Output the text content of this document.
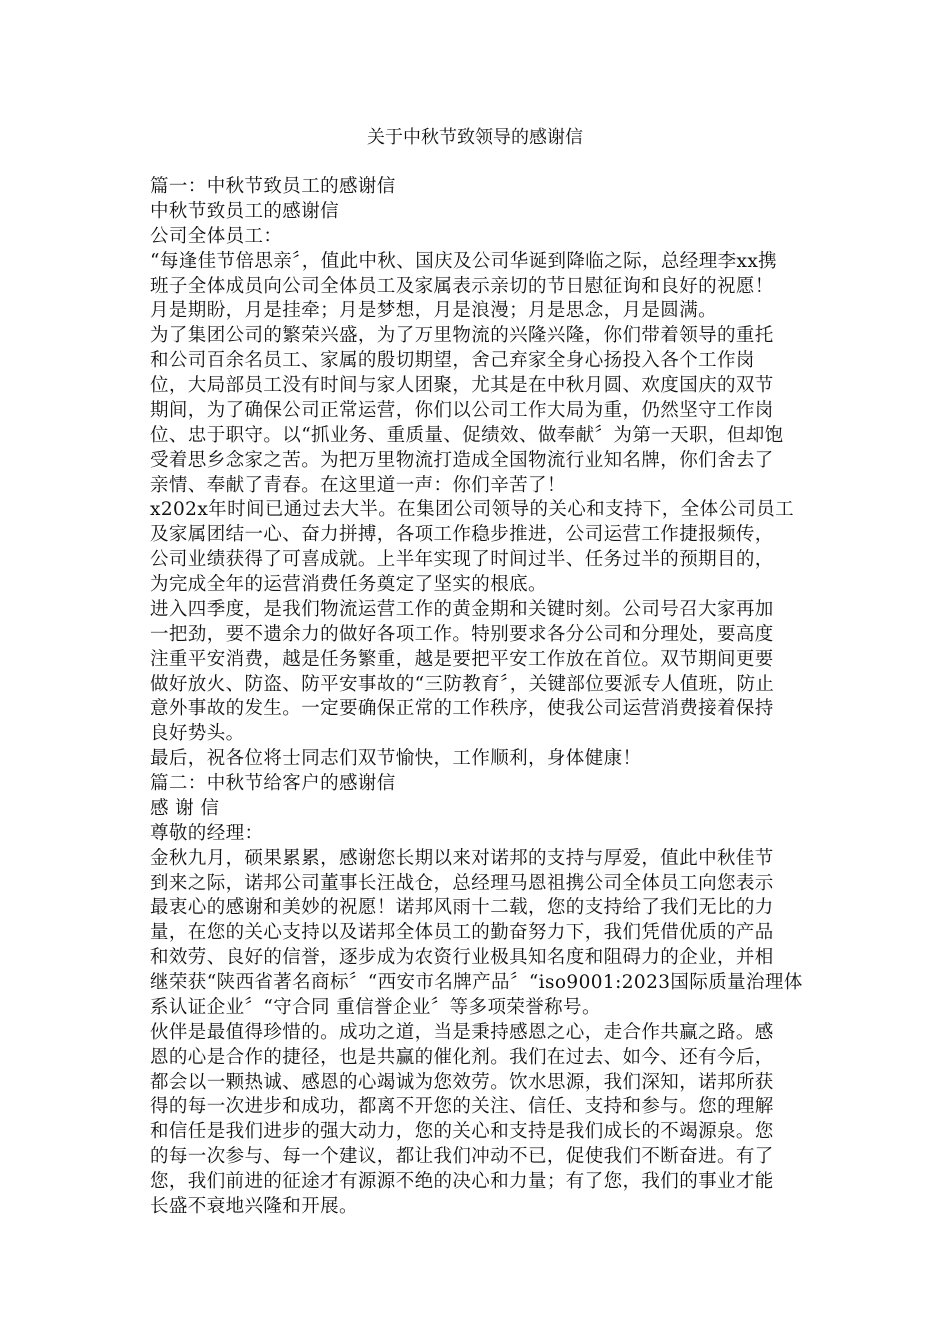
关于中秋节致领导的感谢信
篇一：中秋节致员工的感谢信
中秋节致员工的感谢信
公司全体员工：
“每逢佳节倍思亲〞，值此中秋、国庆及公司华诞到降临之际，总经理李xx携
班子全体成员向公司全体员工及家属表示亲切的节日慰征询和良好的祝愿！
月是期盼，月是挂牵；月是梦想，月是浪漫；月是思念，月是圆满。
为了集团公司的繁荣兴盛，为了万里物流的兴隆兴隆，你们带着领导的重托
和公司百余名员工、家属的殷切期望，舍己弃家全身心扬投入各个工作岗
位，大局部员工没有时间与家人团聚，尤其是在中秋月圆、欢度国庆的双节
期间，为了确保公司正常运营，你们以公司工作大局为重，仍然坚守工作岗
位、忠于职守。以“抓业务、重质量、促绩效、做奉献〞为第一天职，但却饱
受着思乡念家之苦。为把万里物流打造成全国物流行业知名牌，你们舍去了
亲情、奉献了青春。在这里道一声：你们辛苦了！
x202x年时间已通过去大半。在集团公司领导的关心和支持下，全体公司员工
及家属团结一心、奋力拼搏，各项工作稳步推进，公司运营工作捷报频传，
公司业绩获得了可喜成就。上半年实现了时间过半、任务过半的预期目的，
为完成全年的运营消费任务奠定了坚实的根底。
进入四季度，是我们物流运营工作的黄金期和关键时刻。公司号召大家再加
一把劲，要不遗余力的做好各项工作。特别要求各分公司和分理处，要高度
注重平安消费，越是任务繁重，越是要把平安工作放在首位。双节期间更要
做好放火、防盗、防平安事故的“三防教育〞，关键部位要派专人值班，防止
意外事故的发生。一定要确保正常的工作秩序，使我公司运营消费接着保持
良好势头。
最后，祝各位将士同志们双节愉快，工作顺利，身体健康！
篇二：中秋节给客户的感谢信
感 谢 信
尊敬的经理：
金秋九月，硕果累累，感谢您长期以来对诺邦的支持与厚爱，值此中秋佳节
到来之际，诺邦公司董事长汪战仓，总经理马恩祖携公司全体员工向您表示
最衷心的感谢和美妙的祝愿！诺邦风雨十二载，您的支持给了我们无比的力
量，在您的关心支持以及诺邦全体员工的勤奋努力下，我们凭借优质的产品
和效劳、良好的信誉，逐步成为农资行业极具知名度和阻碍力的企业，并相
继荣获“陕西省著名商标〞“西安市名牌产品〞“iso9001:2023国际质量治理体
系认证企业〞“守合同 重信誉企业〞等多项荣誉称号。
伙伴是最值得珍惜的。成功之道，当是秉持感恩之心，走合作共赢之路。感
恩的心是合作的捷径，也是共赢的催化剂。我们在过去、如今、还有今后，
都会以一颗热诚、感恩的心竭诚为您效劳。饮水思源，我们深知，诺邦所获
得的每一次进步和成功，都离不开您的关注、信任、支持和参与。您的理解
和信任是我们进步的强大动力，您的关心和支持是我们成长的不竭源泉。您
的每一次参与、每一个建议，都让我们冲动不已，促使我们不断奋进。有了
您，我们前进的征途才有源源不绝的决心和力量；有了您，我们的事业才能
长盛不衰地兴隆和开展。
